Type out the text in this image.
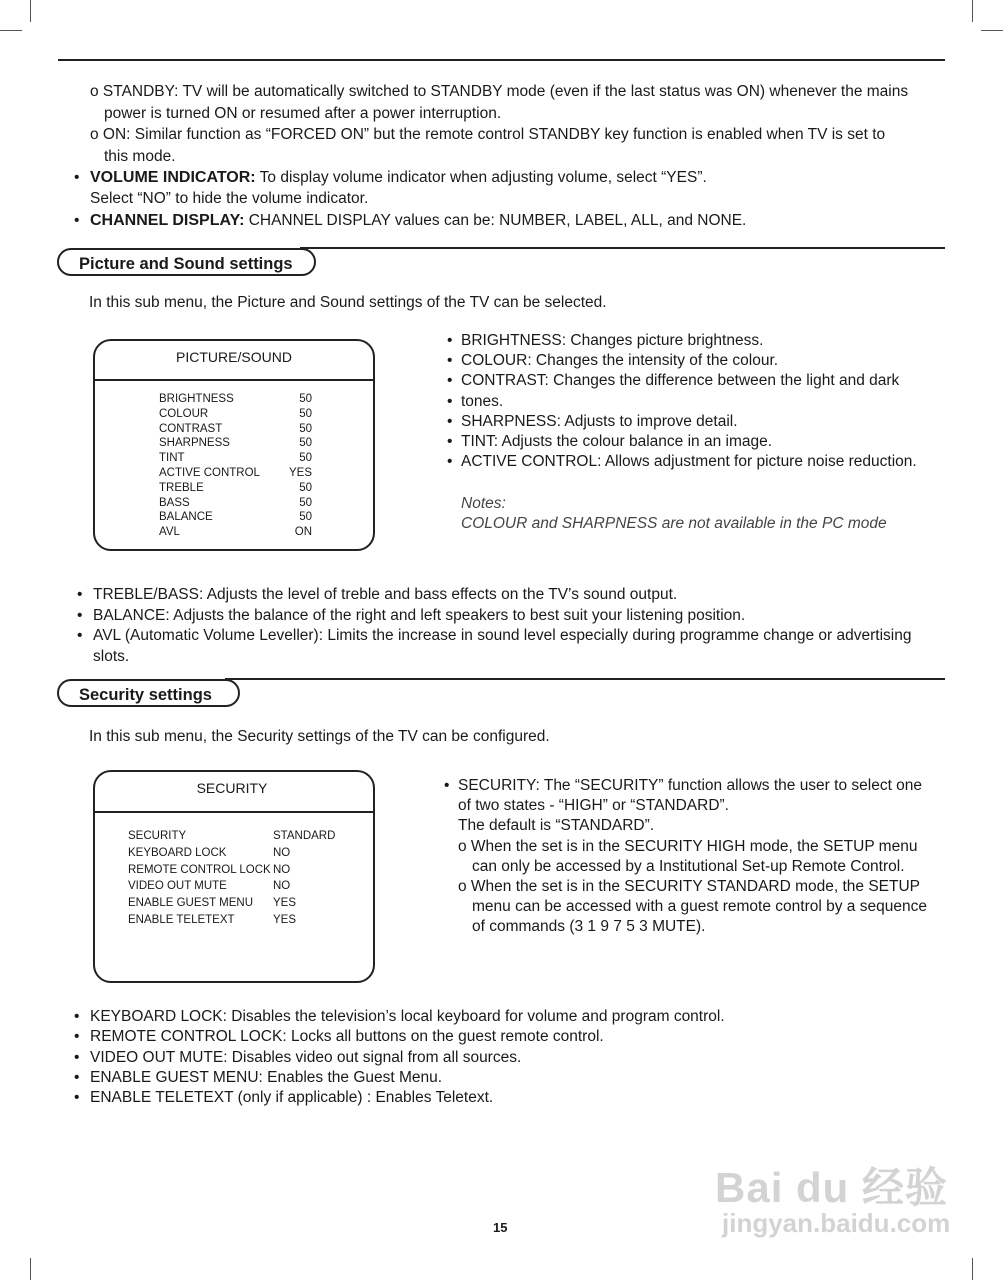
o STANDBY: TV will be automatically switched to STANDBY mode (even if the last status was ON) whenever the mains
power is turned ON or resumed after a power interruption.
o ON: Similar function as “FORCED ON” but the remote control STANDBY key function is enabled when TV is set to
this mode.
• VOLUME INDICATOR: To display volume indicator when adjusting volume, select “YES”.
Select “NO” to hide the volume indicator.
• CHANNEL DISPLAY: CHANNEL DISPLAY values can be: NUMBER, LABEL, ALL, and NONE.
Picture and Sound settings
In this sub menu, the Picture and Sound settings of the TV can be selected.
PICTURE/SOUND
BRIGHTNESS	50
COLOUR	50
CONTRAST	50
SHARPNESS	50
TINT	50
ACTIVE CONTROL	YES
TREBLE	50
BASS	50
BALANCE	50
AVL	ON
• BRIGHTNESS: Changes picture brightness.
• COLOUR: Changes the intensity of the colour.
• CONTRAST: Changes the difference between the light and dark
• tones.
• SHARPNESS: Adjusts to improve detail.
• TINT: Adjusts the colour balance in an image.
• ACTIVE CONTROL: Allows adjustment for picture noise reduction.
Notes:
COLOUR and SHARPNESS are not available in the PC mode
• TREBLE/BASS: Adjusts the level of treble and bass effects on the TV’s sound output.
• BALANCE: Adjusts the balance of the right and left speakers to best suit your listening position.
• AVL (Automatic Volume Leveller): Limits the increase in sound level especially during programme change or advertising
slots.
Security settings
In this sub menu, the Security settings of the TV can be configured.
SECURITY
SECURITY	STANDARD
KEYBOARD LOCK	NO
REMOTE CONTROL LOCK NO
VIDEO OUT MUTE	NO
ENABLE GUEST MENU YES
ENABLE TELETEXT	YES
• SECURITY: The “SECURITY” function allows the user to select one
of two states - “HIGH” or “STANDARD”.
The default is “STANDARD”.
o When the set is in the SECURITY HIGH mode, the SETUP menu
can only be accessed by a Institutional Set-up Remote Control.
o When the set is in the SECURITY STANDARD mode, the SETUP
menu can be accessed with a guest remote control by a sequence
of commands (3 1 9 7 5 3 MUTE).
• KEYBOARD LOCK: Disables the television’s local keyboard for volume and program control.
• REMOTE CONTROL LOCK: Locks all buttons on the guest remote control.
• VIDEO OUT MUTE: Disables video out signal from all sources.
• ENABLE GUEST MENU: Enables the Guest Menu.
• ENABLE TELETEXT (only if applicable) : Enables Teletext.
15
Bai du 经验
jingyan.baidu.com
